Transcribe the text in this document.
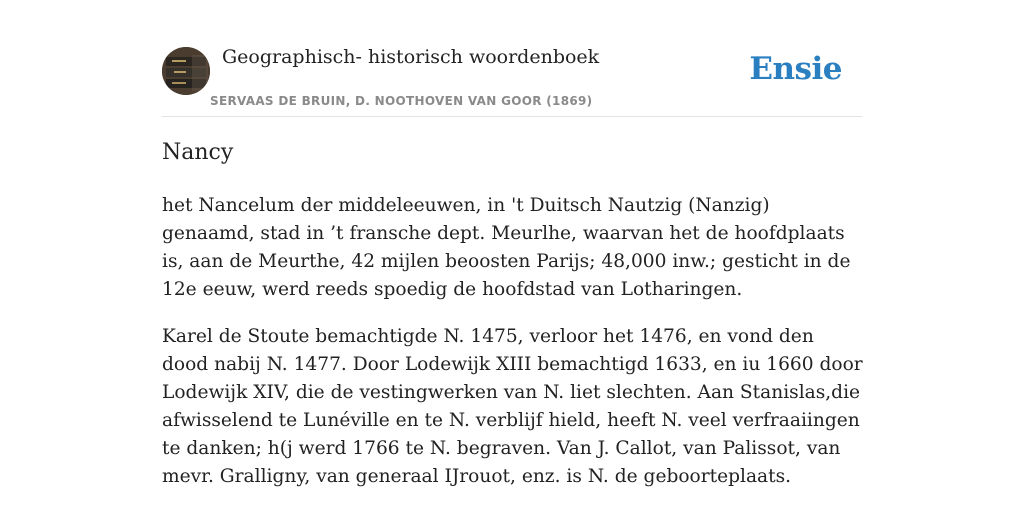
Geographisch- historisch woordenboek
SERVAAS DE BRUIN, D. NOOTHOVEN VAN GOOR (1869)
Ensie
Nancy

het Nancelum der middeleeuwen, in 't Duitsch Nautzig (Nanzig) genaamd, stad in ’t fransche dept. Meurlhe, waarvan het de hoofdplaats is, aan de Meurthe, 42 mijlen beoosten Parijs; 48,000 inw.; gesticht in de 12e eeuw, werd reeds spoedig de hoofdstad van Lotharingen.

Karel de Stoute bemachtigde N. 1475, verloor het 1476, en vond den dood nabij N. 1477. Door Lodewijk XIII bemachtigd 1633, en iu 1660 door Lodewijk XIV, die de vestingwerken van N. liet slechten. Aan Stanislas,die afwisselend te Lunéville en te N. verblijf hield, heeft N. veel verfraaiingen te danken; h(j werd 1766 te N. begraven. Van J. Callot, van Palissot, van mevr. Gralligny, van generaal IJrouot, enz. is N. de geboorteplaats.
